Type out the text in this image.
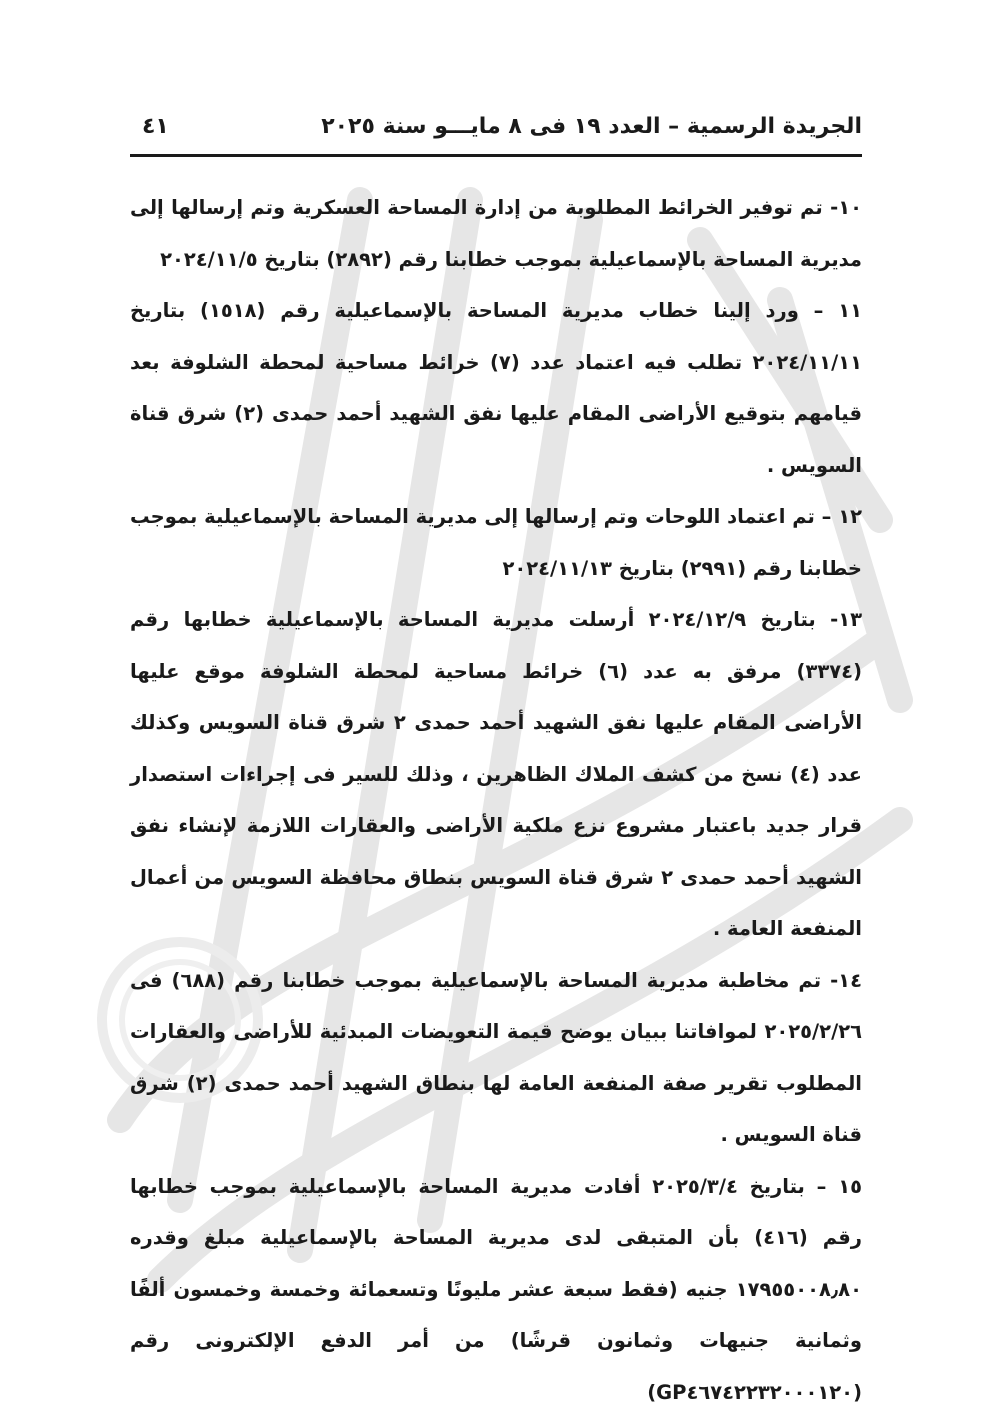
الجريدة الرسمية – العدد ١٩ فى ٨ مايـــو سنة ٢٠٢٥
٤١

١٠- تم توفير الخرائط المطلوبة من إدارة المساحة العسكرية وتم إرسالها إلى مديرية المساحة بالإسماعيلية بموجب خطابنا رقم (٢٨٩٢) بتاريخ ٢٠٢٤/١١/٥

١١ – ورد إلينا خطاب مديرية المساحة بالإسماعيلية رقم (١٥١٨) بتاريخ ٢٠٢٤/١١/١١ تطلب فيه اعتماد عدد (٧) خرائط مساحية لمحطة الشلوفة بعد قيامهم بتوقيع الأراضى المقام عليها نفق الشهيد أحمد حمدى (٢) شرق قناة السويس .

١٢ – تم اعتماد اللوحات وتم إرسالها إلى مديرية المساحة بالإسماعيلية بموجب خطابنا رقم (٢٩٩١) بتاريخ ٢٠٢٤/١١/١٣

١٣- بتاريخ ٢٠٢٤/١٢/٩ أرسلت مديرية المساحة بالإسماعيلية خطابها رقم (٣٣٧٤) مرفق به عدد (٦) خرائط مساحية لمحطة الشلوفة موقع عليها الأراضى المقام عليها نفق الشهيد أحمد حمدى ٢ شرق قناة السويس وكذلك عدد (٤) نسخ من كشف الملاك الظاهرين ، وذلك للسير فى إجراءات استصدار قرار جديد باعتبار مشروع نزع ملكية الأراضى والعقارات اللازمة لإنشاء نفق الشهيد أحمد حمدى ٢ شرق قناة السويس بنطاق محافظة السويس من أعمال المنفعة العامة .

١٤- تم مخاطبة مديرية المساحة بالإسماعيلية بموجب خطابنا رقم (٦٨٨) فى ٢٠٢٥/٢/٢٦ لموافاتنا ببيان يوضح قيمة التعويضات المبدئية للأراضى والعقارات المطلوب تقرير صفة المنفعة العامة لها بنطاق الشهيد أحمد حمدى (٢) شرق قناة السويس .

١٥ – بتاريخ ٢٠٢٥/٣/٤ أفادت مديرية المساحة بالإسماعيلية بموجب خطابها رقم (٤١٦) بأن المتبقى لدى مديرية المساحة بالإسماعيلية مبلغ وقدره ١٧٩٥٥٠٠٨٫٨٠ جنيه (فقط سبعة عشر مليونًا وتسعمائة وخمسة وخمسون ألفًا وثمانية جنيهات وثمانون قرشًا) من أمر الدفع الإلكترونى رقم (GP٤٦٧٤٢٢٣٢٠٠٠١٢٠)
